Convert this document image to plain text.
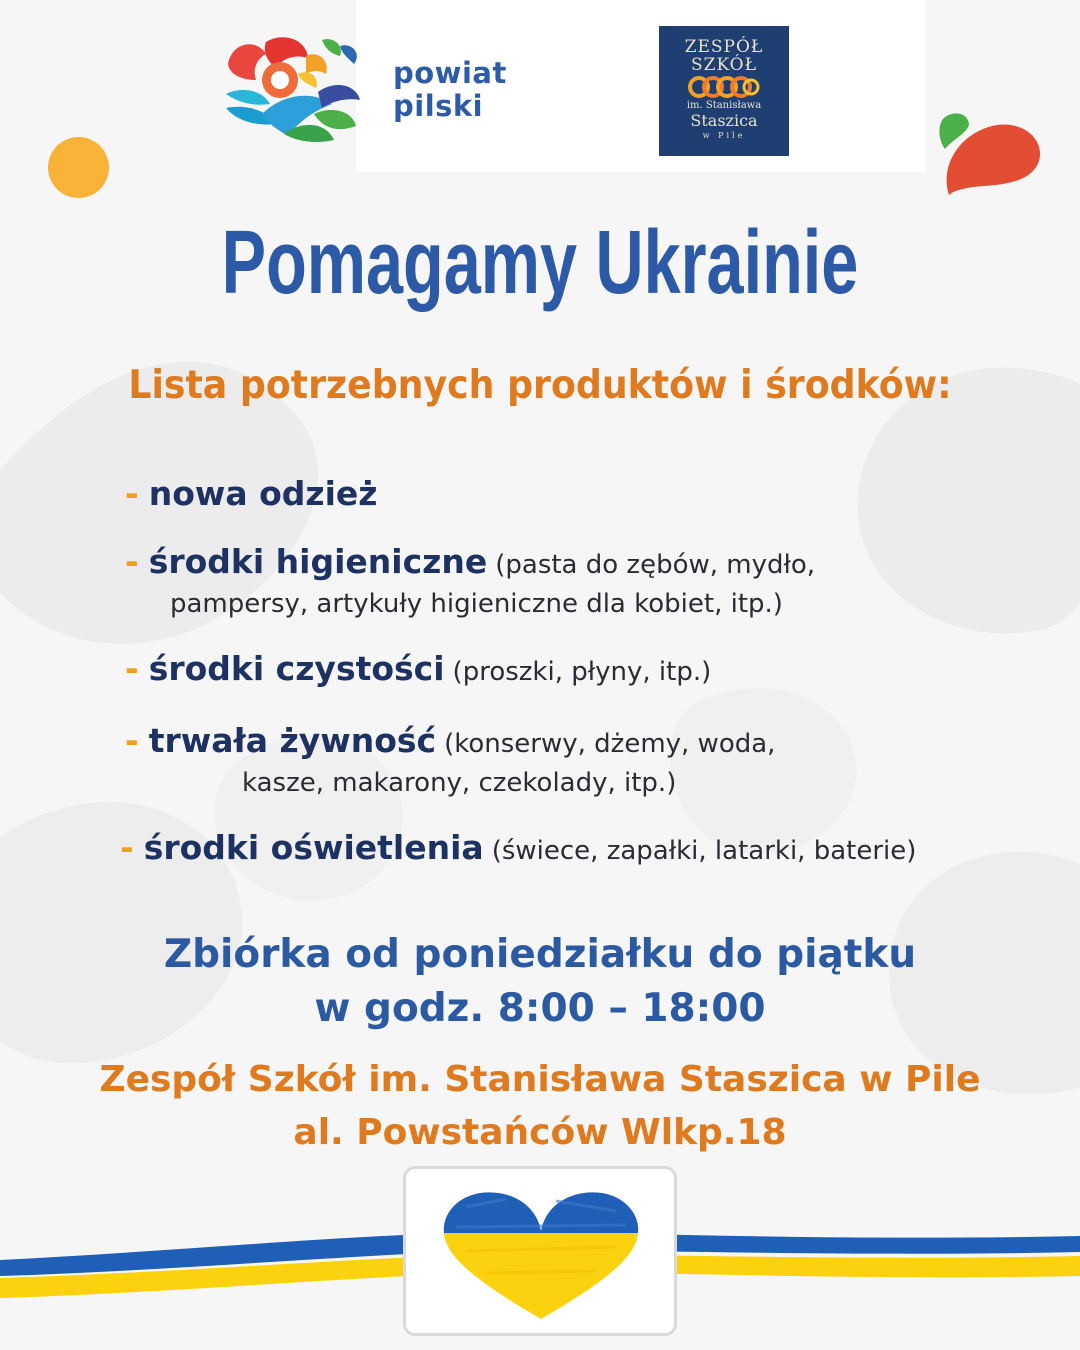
powiat
pilski
ZESPÓŁ
SZKÓŁ
im. Stanisława
Staszica
w Pile
Pomagamy Ukrainie
Lista potrzebnych produktów i środków:
- nowa odzież
- środki higieniczne (pasta do zębów, mydło,
pampersy, artykuły higieniczne dla kobiet, itp.)
- środki czystości (proszki, płyny, itp.)
- trwała żywność (konserwy, dżemy, woda,
kasze, makarony, czekolady, itp.)
- środki oświetlenia (świece, zapałki, latarki, baterie)
Zbiórka od poniedziałku do piątku
w godz. 8:00 – 18:00
Zespół Szkół im. Stanisława Staszica w Pile
al. Powstańców Wlkp.18
